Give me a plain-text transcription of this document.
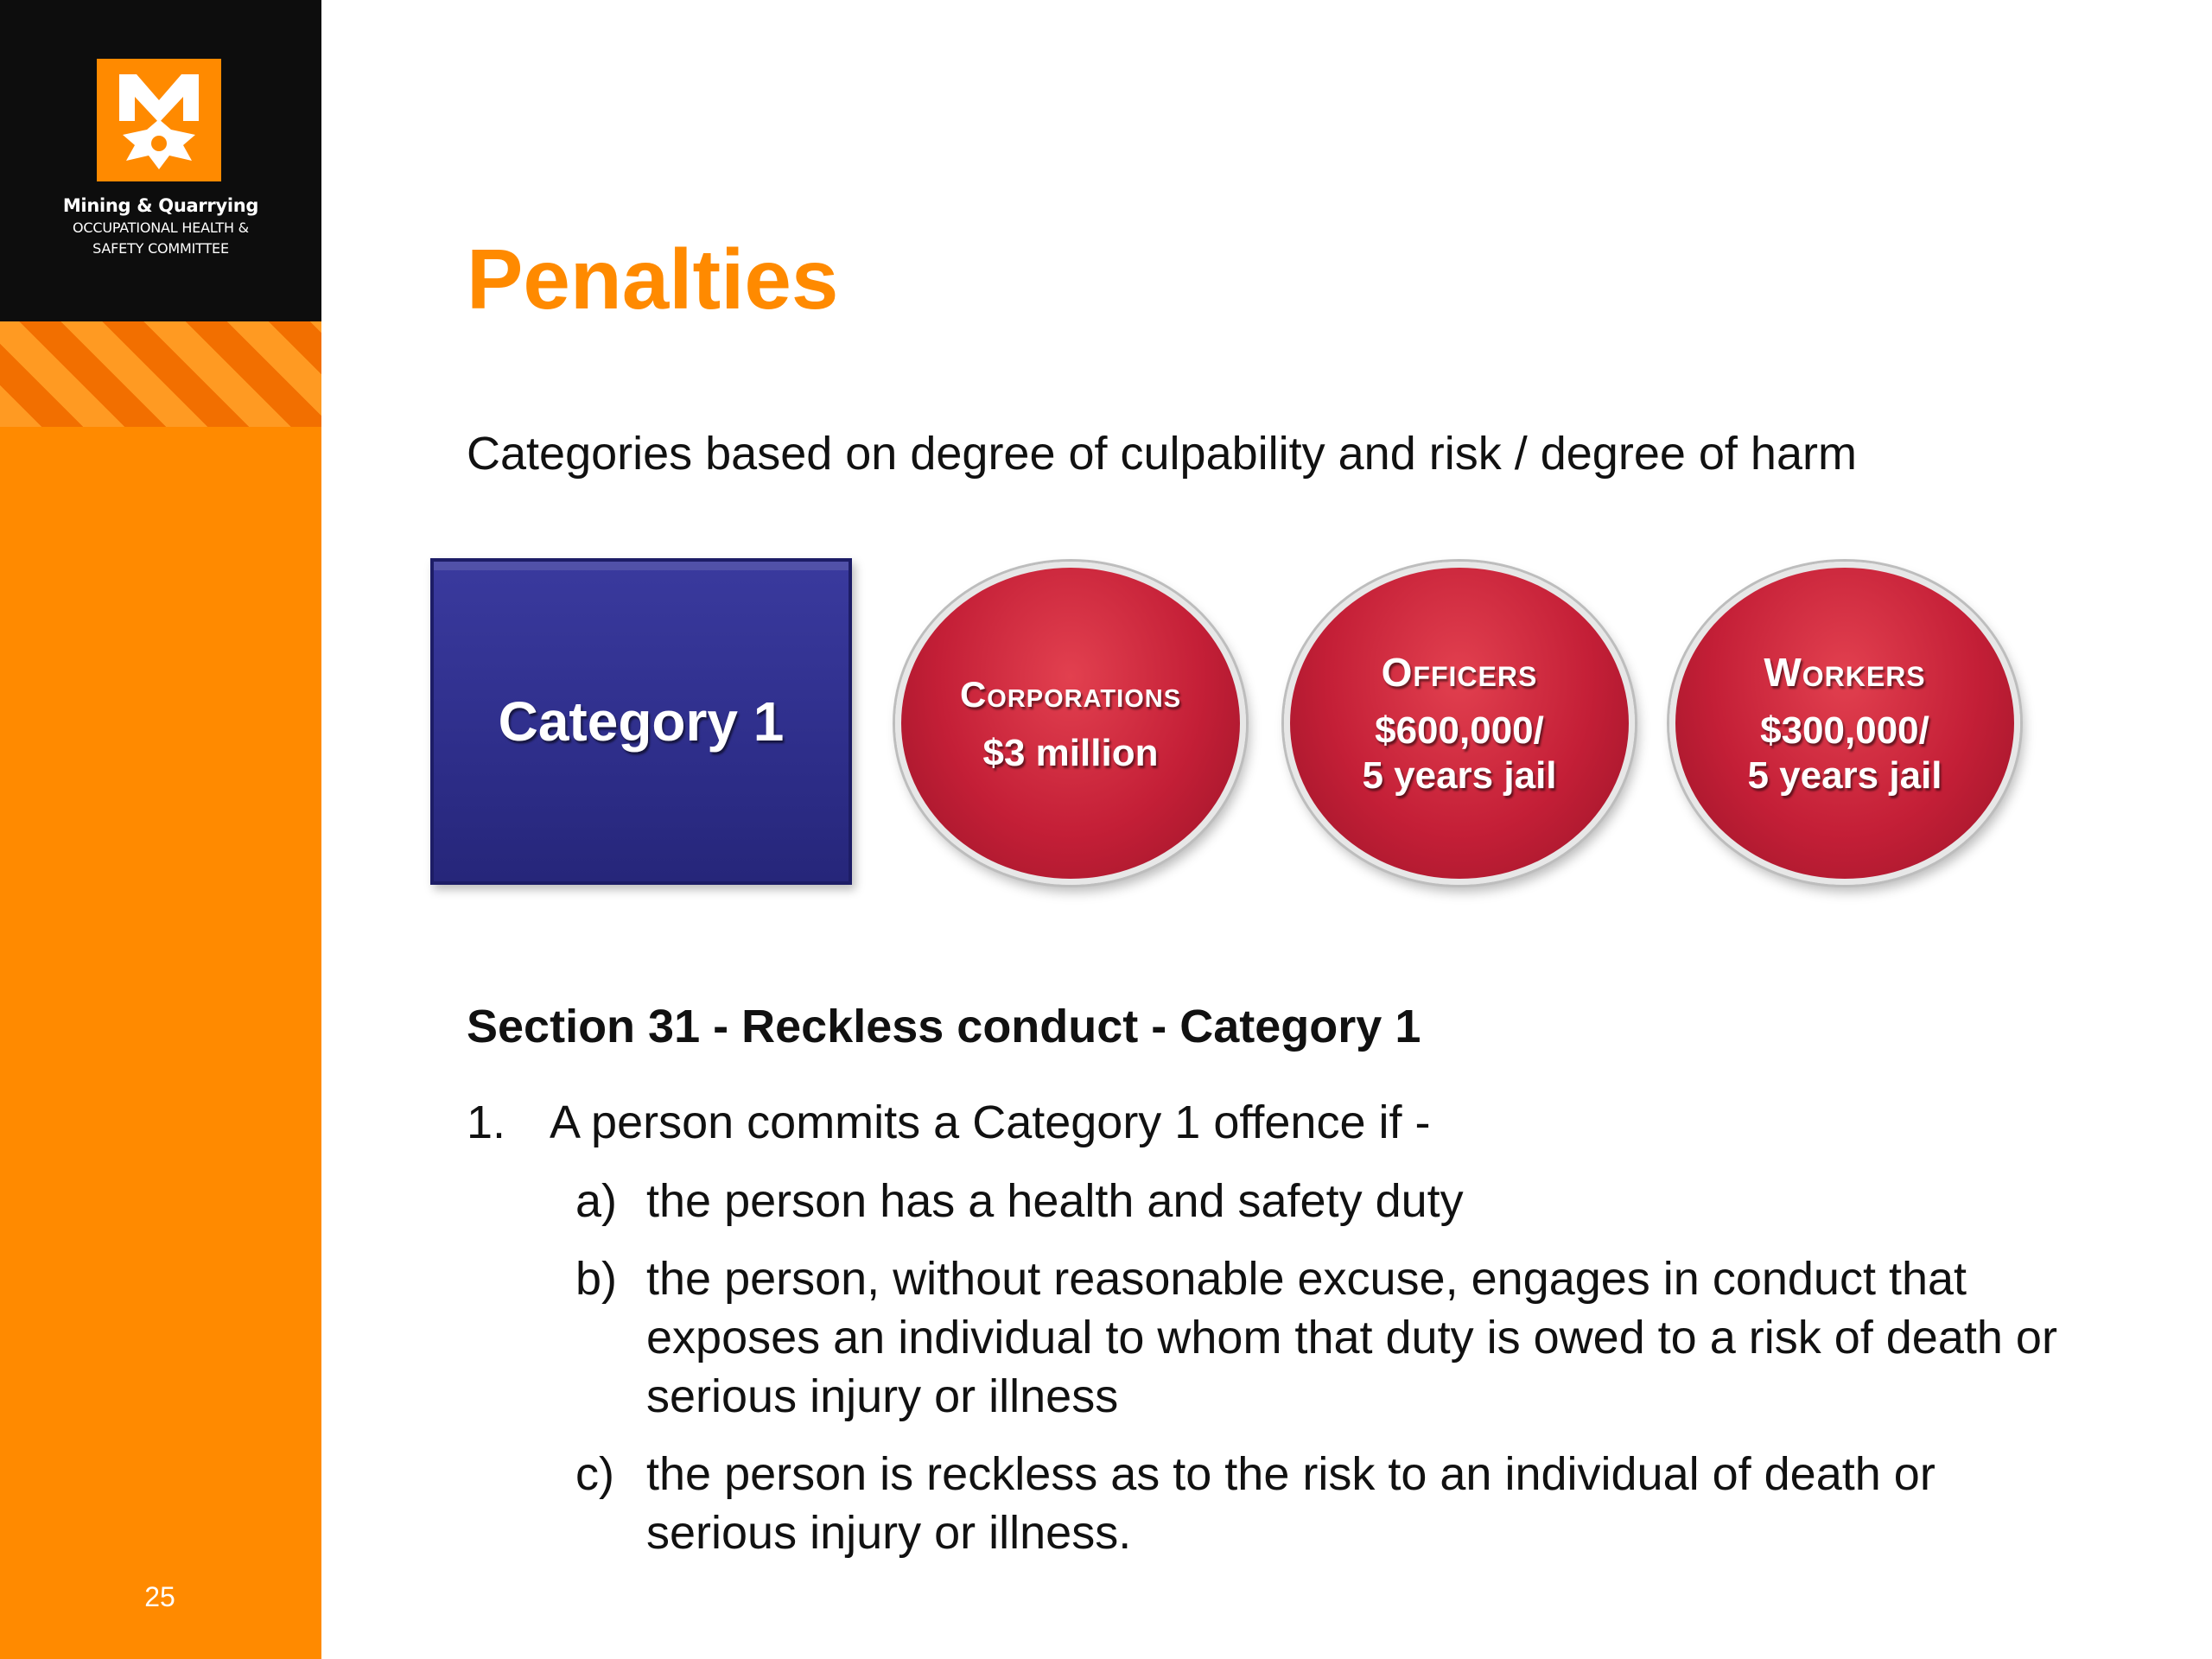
Mining & Quarrying
OCCUPATIONAL HEALTH &
SAFETY COMMITTEE
25
Penalties
Categories based on degree of culpability and risk / degree of harm
Category 1	Corporations
$3 million
Officers
$600,000/
5 years jail
Workers
$300,000/
5 years jail
Section 31 - Reckless conduct - Category 1
1. A person commits a Category 1 offence if -
a) the person has a health and safety duty
b) the person, without reasonable excuse, engages in conduct that exposes an individual to whom that duty is owed to a risk of death or serious injury or illness
c) the person is reckless as to the risk to an individual of death or serious injury or illness.
